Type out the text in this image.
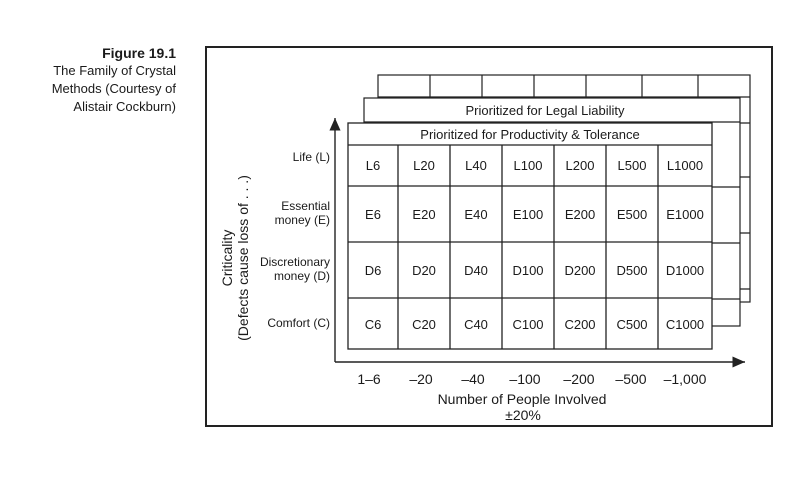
Figure 19.1
The Family of Crystal
Methods (Courtesy of
Alistair Cockburn)	Prioritized for Legal Liability
Prioritized for Productivity & Tolerance
L6	L20 L40 L100 L200 L500 L1000
E6 E20 E40 E100 E200 E500 E1000
D6 D20 D40 D100 D200 D500 D1000
C6 C20 C40 C100 C200 C500 C1000
Life (L)
Essential
money (E)
Discretionary
money (D)
Comfort (C)
Criticality (Defects cause loss of . . .)
1–6 –20 –40 –100 –200 –500 –1,000
Number of People Involved
±20%
